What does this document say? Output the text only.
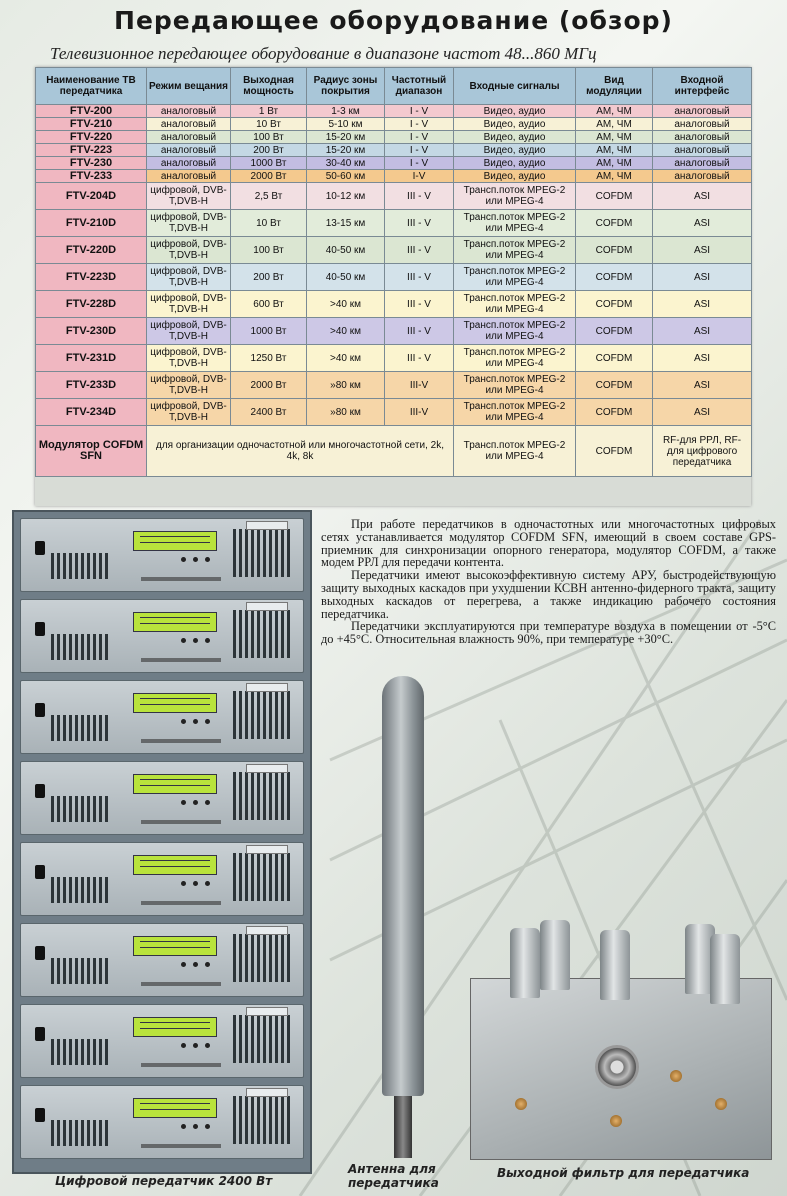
Передающее оборудование (обзор)
Телевизионное передающее оборудование в диапазоне частот 48...860 МГц
Наименование ТВ передатчика	Режим вещания	Выходная мощность	Радиус зоны покрытия	Частотный диапазон	Входные сигналы	Вид модуляции	Входной интерфейс
FTV-200	аналоговый	1 Вт	1-3 км	I - V	Видео, аудио	АМ, ЧМ	аналоговый
FTV-210	аналоговый	10 Вт	5-10 км	I - V	Видео, аудио	АМ, ЧМ	аналоговый
FTV-220	аналоговый	100 Вт	15-20 км	I - V	Видео, аудио	АМ, ЧМ	аналоговый
FTV-223	аналоговый	200 Вт	15-20 км	I - V	Видео, аудио	АМ, ЧМ	аналоговый
FTV-230	аналоговый	1000 Вт	30-40 км	I - V	Видео, аудио	АМ, ЧМ	аналоговый
FTV-233	аналоговый	2000 Вт	50-60 км	I-V	Видео, аудио	АМ, ЧМ	аналоговый
FTV-204D	цифровой, DVB-T,DVB-H	2,5 Вт	10-12 км	III - V	Трансп.поток MPEG-2 или MPEG-4	COFDM	ASI
FTV-210D	цифровой, DVB-T,DVB-H	10 Вт	13-15 км	III - V	Трансп.поток MPEG-2 или MPEG-4	COFDM	ASI
FTV-220D	цифровой, DVB-T,DVB-H	100 Вт	40-50 км	III - V	Трансп.поток MPEG-2 или MPEG-4	COFDM	ASI
FTV-223D	цифровой, DVB-T,DVB-H	200 Вт	40-50 км	III - V	Трансп.поток MPEG-2 или MPEG-4	COFDM	ASI
FTV-228D	цифровой, DVB-T,DVB-H	600 Вт	>40 км	III - V	Трансп.поток MPEG-2 или MPEG-4	COFDM	ASI
FTV-230D	цифровой, DVB-T,DVB-H	1000 Вт	>40 км	III - V	Трансп.поток MPEG-2 или MPEG-4	COFDM	ASI
FTV-231D	цифровой, DVB-T,DVB-H	1250 Вт	>40 км	III - V	Трансп.поток MPEG-2 или MPEG-4	COFDM	ASI
FTV-233D	цифровой, DVB-T,DVB-H	2000 Вт	»80 км	III-V	Трансп.поток MPEG-2 или MPEG-4	COFDM	ASI
FTV-234D	цифровой, DVB-T,DVB-H	2400 Вт	»80 км	III-V	Трансп.поток MPEG-2 или MPEG-4	COFDM	ASI
Модулятор COFDM SFN	для организации одночастотной или многочастотной сети, 2k, 4k, 8k				Трансп.поток MPEG-2 или MPEG-4	COFDM	RF-для РРЛ, RF-для цифрового передатчика

При работе передатчиков в одночастотных или многочастотных цифровых сетях устанавливается модулятор COFDM SFN, имеющий в своем составе GPS-приемник для синхронизации опорного генератора, модулятор COFDM, а также модем РРЛ для передачи контента.

Передатчики имеют высокоэффективную систему АРУ, быстродействующую защиту выходных каскадов при ухудшении КСВН антенно-фидерного тракта, защиту выходных каскадов от перегрева, а также индикацию рабочего состояния передатчика.

Передатчики эксплуатируются при температуре воздуха в помещении от -5°С до +45°С. Относительная влажность 90%, при температуре +30°С.

Цифровой передатчик 2400 Вт
Антенна для передатчика
Выходной фильтр для передатчика
